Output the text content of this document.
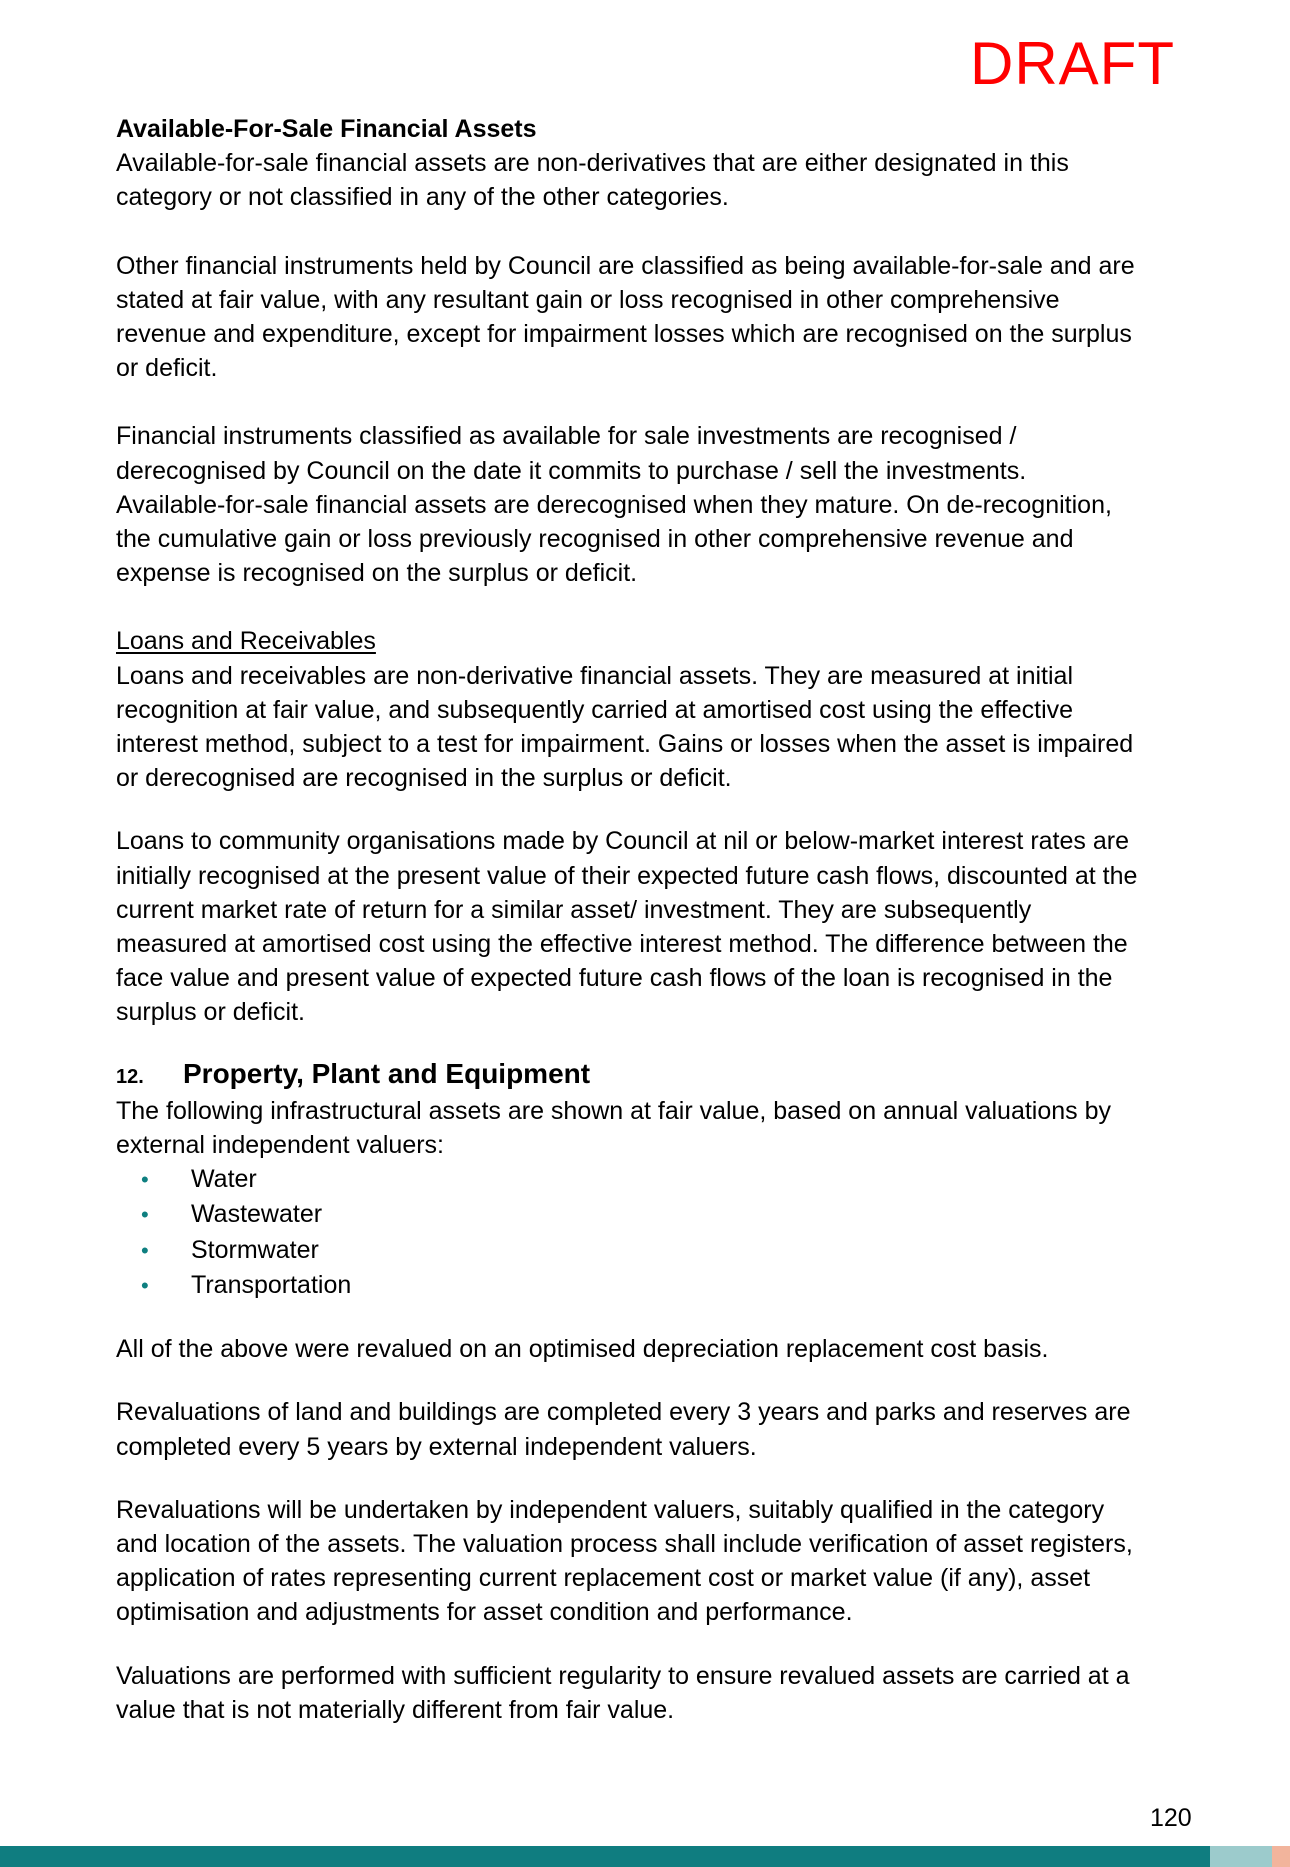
DRAFT

Available-For-Sale Financial Assets

Available-for-sale financial assets are non-derivatives that are either designated in this
category or not classified in any of the other categories.

Other financial instruments held by Council are classified as being available-for-sale and are
stated at fair value, with any resultant gain or loss recognised in other comprehensive
revenue and expenditure, except for impairment losses which are recognised on the surplus
or deficit.

Financial instruments classified as available for sale investments are recognised /
derecognised by Council on the date it commits to purchase / sell the investments.
Available-for-sale financial assets are derecognised when they mature. On de-recognition,
the cumulative gain or loss previously recognised in other comprehensive revenue and
expense is recognised on the surplus or deficit.

Loans and Receivables

Loans and receivables are non-derivative financial assets. They are measured at initial
recognition at fair value, and subsequently carried at amortised cost using the effective
interest method, subject to a test for impairment. Gains or losses when the asset is impaired
or derecognised are recognised in the surplus or deficit.

Loans to community organisations made by Council at nil or below-market interest rates are
initially recognised at the present value of their expected future cash flows, discounted at the
current market rate of return for a similar asset/ investment. They are subsequently
measured at amortised cost using the effective interest method. The difference between the
face value and present value of expected future cash flows of the loan is recognised in the
surplus or deficit.

12.	Property, Plant and Equipment

The following infrastructural assets are shown at fair value, based on annual valuations by
external independent valuers:

•	Water
•	Wastewater
•	Stormwater
•	Transportation

All of the above were revalued on an optimised depreciation replacement cost basis.

Revaluations of land and buildings are completed every 3 years and parks and reserves are
completed every 5 years by external independent valuers.

Revaluations will be undertaken by independent valuers, suitably qualified in the category
and location of the assets. The valuation process shall include verification of asset registers,
application of rates representing current replacement cost or market value (if any), asset
optimisation and adjustments for asset condition and performance.

Valuations are performed with sufficient regularity to ensure revalued assets are carried at a
value that is not materially different from fair value.

120
